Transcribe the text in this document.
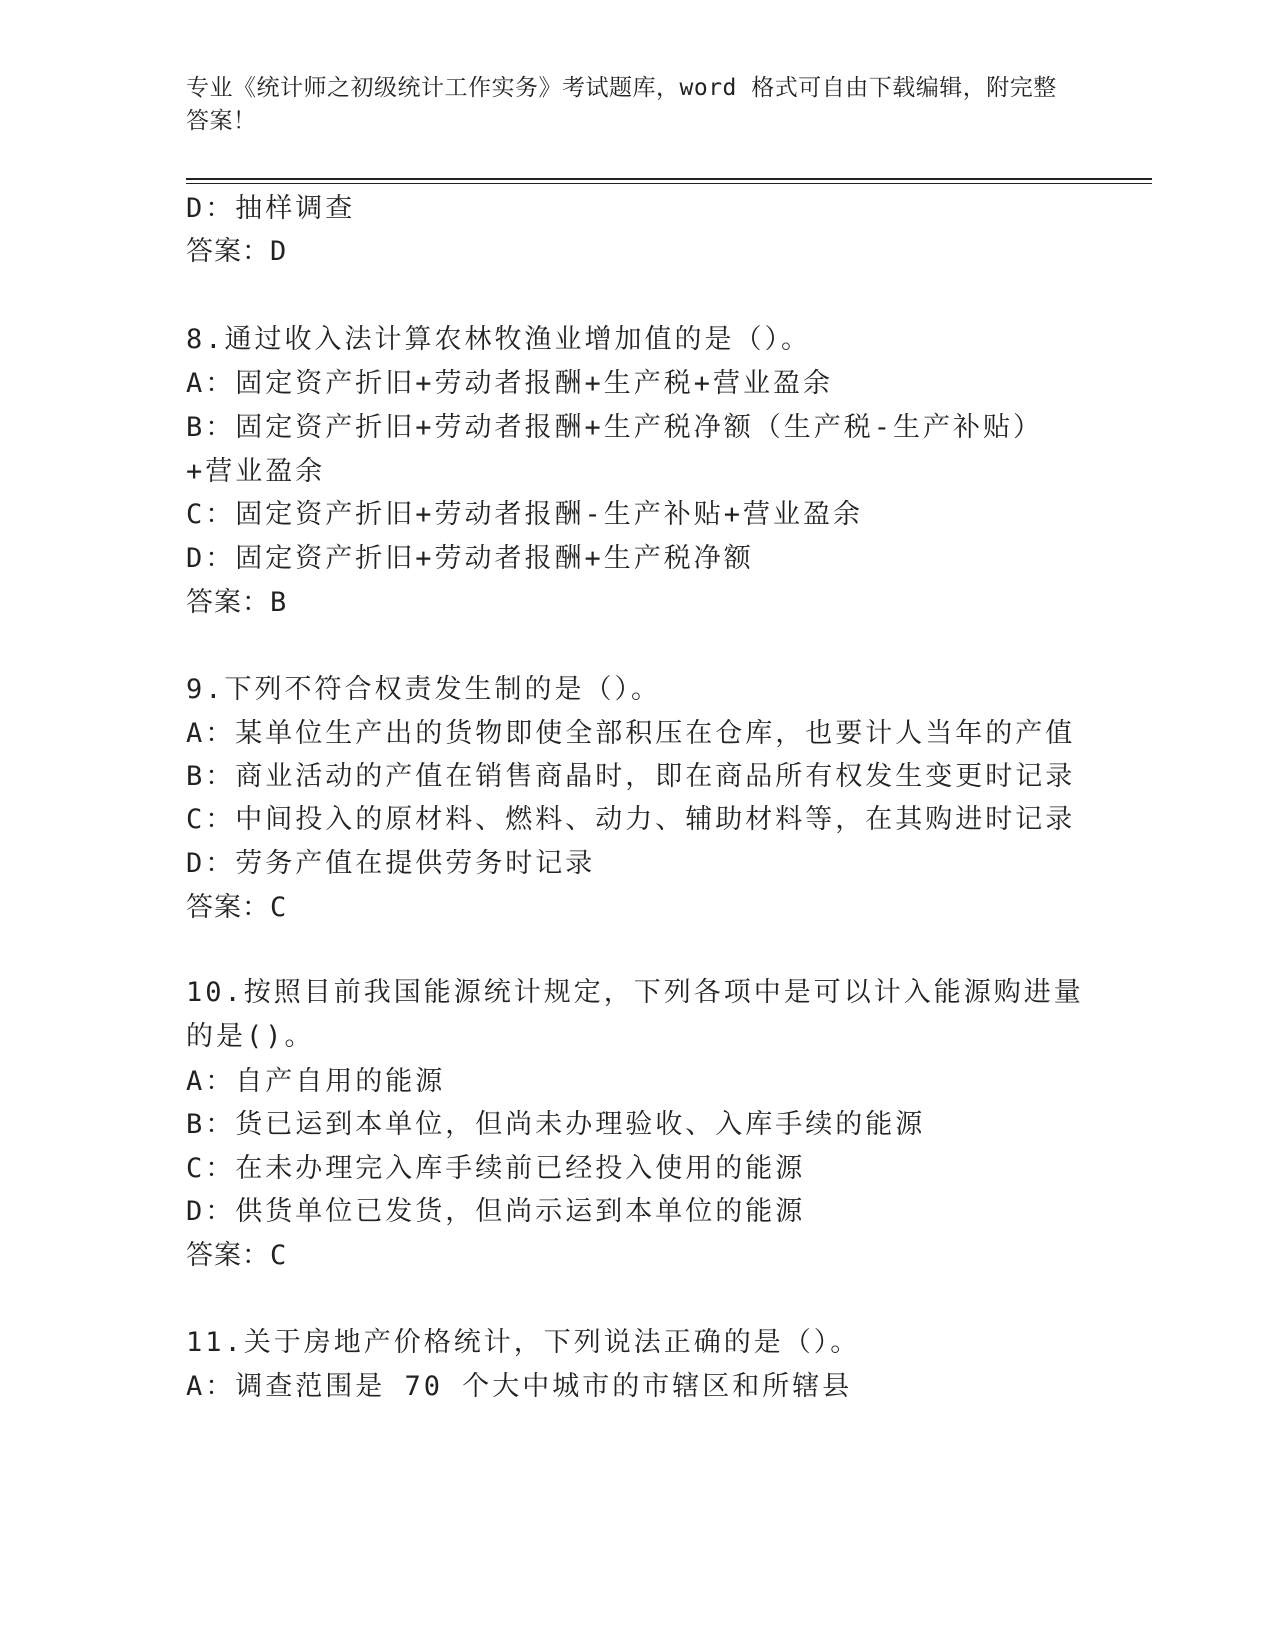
专业《统计师之初级统计工作实务》考试题库，word 格式可自由下载编辑，附完整答案！
D：抽样调查
答案：D
8.通过收入法计算农林牧渔业增加值的是（）。
A：固定资产折旧+劳动者报酬+生产税+营业盈余
B：固定资产折旧+劳动者报酬+生产税净额（生产税-生产补贴）+营业盈余
C：固定资产折旧+劳动者报酬-生产补贴+营业盈余
D：固定资产折旧+劳动者报酬+生产税净额
答案：B
9.下列不符合权责发生制的是（）。
A：某单位生产出的货物即使全部积压在仓库，也要计人当年的产值
B：商业活动的产值在销售商晶时，即在商品所有权发生变更时记录
C：中间投入的原材料、燃料、动力、辅助材料等，在其购进时记录
D：劳务产值在提供劳务时记录
答案：C
10.按照目前我国能源统计规定，下列各项中是可以计入能源购进量的是()。
A：自产自用的能源
B：货已运到本单位，但尚未办理验收、入库手续的能源
C：在未办理完入库手续前已经投入使用的能源
D：供货单位已发货，但尚示运到本单位的能源
答案：C
11.关于房地产价格统计，下列说法正确的是（）。
A：调查范围是 70 个大中城市的市辖区和所辖县
